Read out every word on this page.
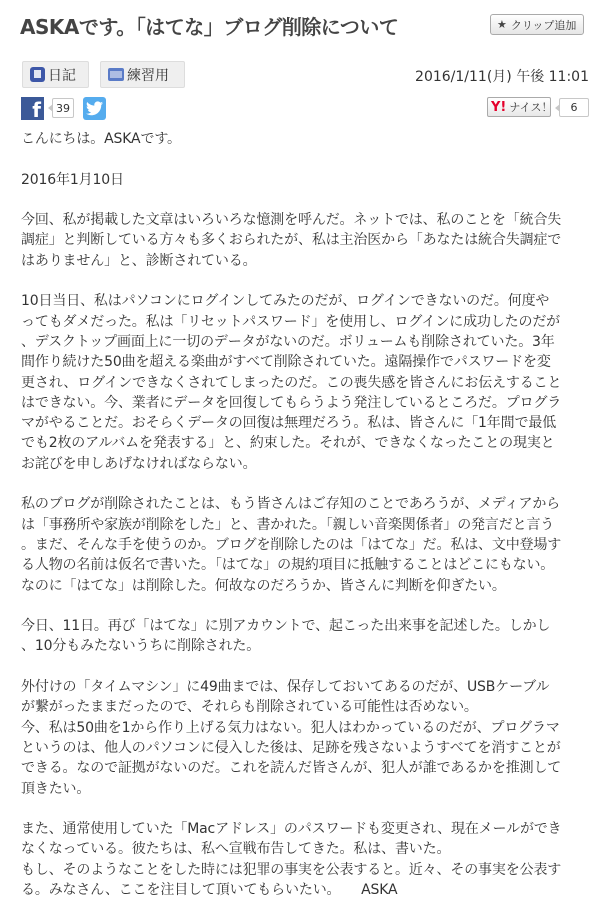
ASKAです。「はてな」ブログ削除について	★ クリップ追加
日記	練習用	2016/1/11(月) 午後 11:01
f	39	Y! ナイス！	6

こんにちは。ASKAです。

2016年1月10日

今回、私が掲載した文章はいろいろな憶測を呼んだ。ネットでは、私のことを「統合失

調症」と判断している方々も多くおられたが、私は主治医から「あなたは統合失調症で

はありません」と、診断されている。

10日当日、私はパソコンにログインしてみたのだが、ログインできないのだ。何度や

ってもダメだった。私は「リセットパスワード」を使用し、ログインに成功したのだが

、デスクトップ画面上に一切のデータがないのだ。ボリュームも削除されていた。3年

間作り続けた50曲を超える楽曲がすべて削除されていた。遠隔操作でパスワードを変

更され、ログインできなくされてしまったのだ。この喪失感を皆さんにお伝えすること

はできない。今、業者にデータを回復してもらうよう発注しているところだ。プログラ

マがやることだ。おそらくデータの回復は無理だろう。私は、皆さんに「1年間で最低

でも2枚のアルバムを発表する」と、約束した。それが、できなくなったことの現実と

お詫びを申しあげなければならない。

私のブログが削除されたことは、もう皆さんはご存知のことであろうが、メディアから

は「事務所や家族が削除をした」と、書かれた。「親しい音楽関係者」の発言だと言う

。まだ、そんな手を使うのか。ブログを削除したのは「はてな」だ。私は、文中登場す

る人物の名前は仮名で書いた。「はてな」の規約項目に抵触することはどこにもない。

なのに「はてな」は削除した。何故なのだろうか、皆さんに判断を仰ぎたい。

今日、11日。再び「はてな」に別アカウントで、起こった出来事を記述した。しかし

、10分もみたないうちに削除された。

外付けの「タイムマシン」に49曲までは、保存しておいてあるのだが、USBケーブル

が繋がったままだったので、それらも削除されている可能性は否めない。

今、私は50曲を1から作り上げる気力はない。犯人はわかっているのだが、プログラマ

というのは、他人のパソコンに侵入した後は、足跡を残さないようすべてを消すことが

できる。なので証拠がないのだ。これを読んだ皆さんが、犯人が誰であるかを推測して

頂きたい。

また、通常使用していた「Macアドレス」のパスワードも変更され、現在メールができ

なくなっている。彼たちは、私へ宣戦布告してきた。私は、書いた。

もし、そのようなことをした時には犯罪の事実を公表すると。近々、その事実を公表す

る。みなさん、ここを注目して頂いてもらいたい。　　ASKA
